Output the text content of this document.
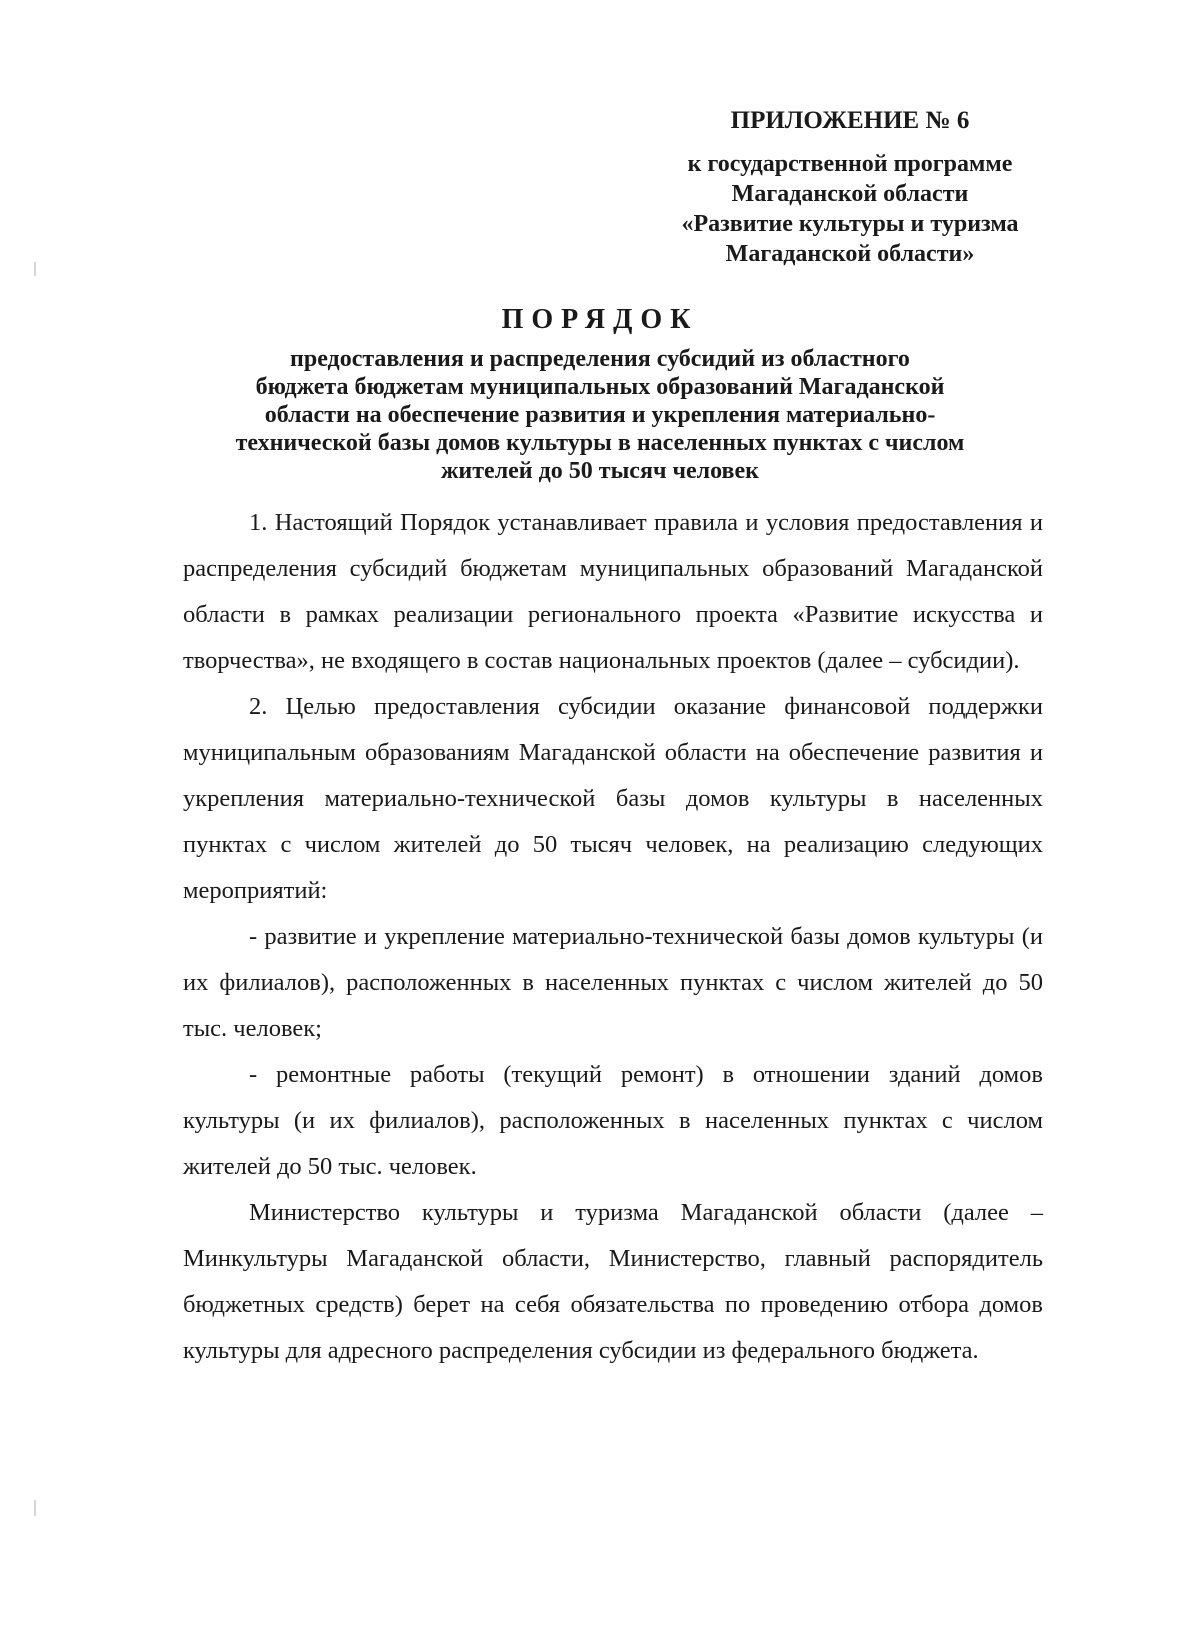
ПРИЛОЖЕНИЕ № 6
к государственной программе
Магаданской области
«Развитие культуры и туризма
Магаданской области»
ПОРЯДОК
предоставления и распределения субсидий из областного
бюджета бюджетам муниципальных образований Магаданской
области на обеспечение развития и укрепления материально-
технической базы домов культуры в населенных пунктах с числом
жителей до 50 тысяч человек

1. Настоящий Порядок устанавливает правила и условия предоставления и распределения субсидий бюджетам муниципальных образований Магаданской области в рамках реализации регионального проекта «Развитие искусства и творчества», не входящего в состав национальных проектов (далее – субсидии).

2. Целью предоставления субсидии оказание финансовой поддержки муниципальным образованиям Магаданской области на обеспечение развития и укрепления материально-технической базы домов культуры в населенных пунктах с числом жителей до 50 тысяч человек, на реализацию следующих мероприятий:

- развитие и укрепление материально-технической базы домов культуры (и их филиалов), расположенных в населенных пунктах с числом жителей до 50 тыс. человек;

- ремонтные работы (текущий ремонт) в отношении зданий домов культуры (и их филиалов), расположенных в населенных пунктах с числом жителей до 50 тыс. человек.

Министерство культуры и туризма Магаданской области (далее – Минкультуры Магаданской области, Министерство, главный распорядитель бюджетных средств) берет на себя обязательства по проведению отбора домов культуры для адресного распределения субсидии из федерального бюджета.
